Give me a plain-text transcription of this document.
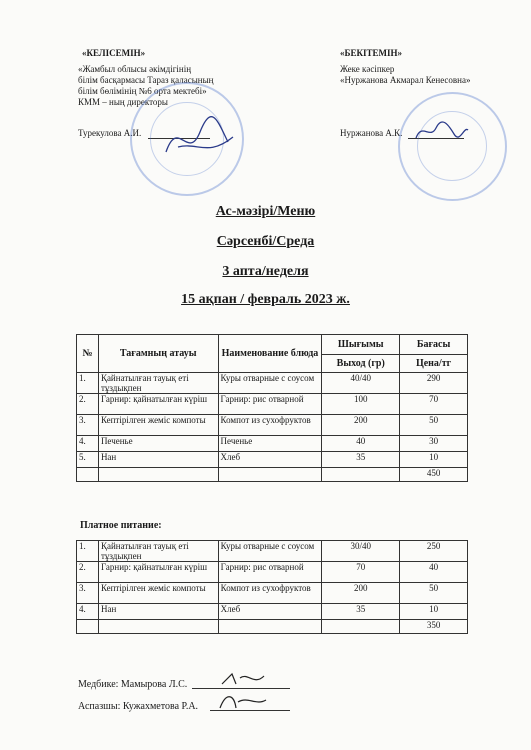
«КЕЛІСЕМІН»
«Жамбыл облысы әкімдігінің
білім басқармасы Тараз қаласының
білім бөлімінің №6 орта мектебі»
КММ – ның директоры
Турекулова А.И.
«БЕКІТЕМІН»
Жеке кәсіпкер
«Нуржанова Акмарал Кенесовна»
Нуржанова А.К.
Ас-мәзірі/Меню
Сәрсенбі/Среда
3 апта/неделя
15 ақпан / февраль 2023 ж.
№	Тағамның атауы	Наименование блюда	Шығымы	Бағасы
			Выход (гр)	Цена/тг
1.	Қайнатылған тауық еті тұздықпен	Куры отварные с соусом	40/40	290
2.	Гарнир: қайнатылған күріш	Гарнир: рис отварной	100	70
3.	Кептірілген жеміс компоты	Компот из сухофруктов	200	50
4.	Печенье	Печенье	40	30
5.	Нан	Хлеб	35	10
				450
Платное питание:
1.	Қайнатылған тауық еті тұздықпен	Куры отварные с соусом	30/40	250
2.	Гарнир: қайнатылған күріш	Гарнир: рис отварной	70	40
3.	Кептірілген жеміс компоты	Компот из сухофруктов	200	50
4.	Нан	Хлеб	35	10
				350
Медбике: Мамырова Л.С.
Аспазшы: Кужахметова Р.А.
